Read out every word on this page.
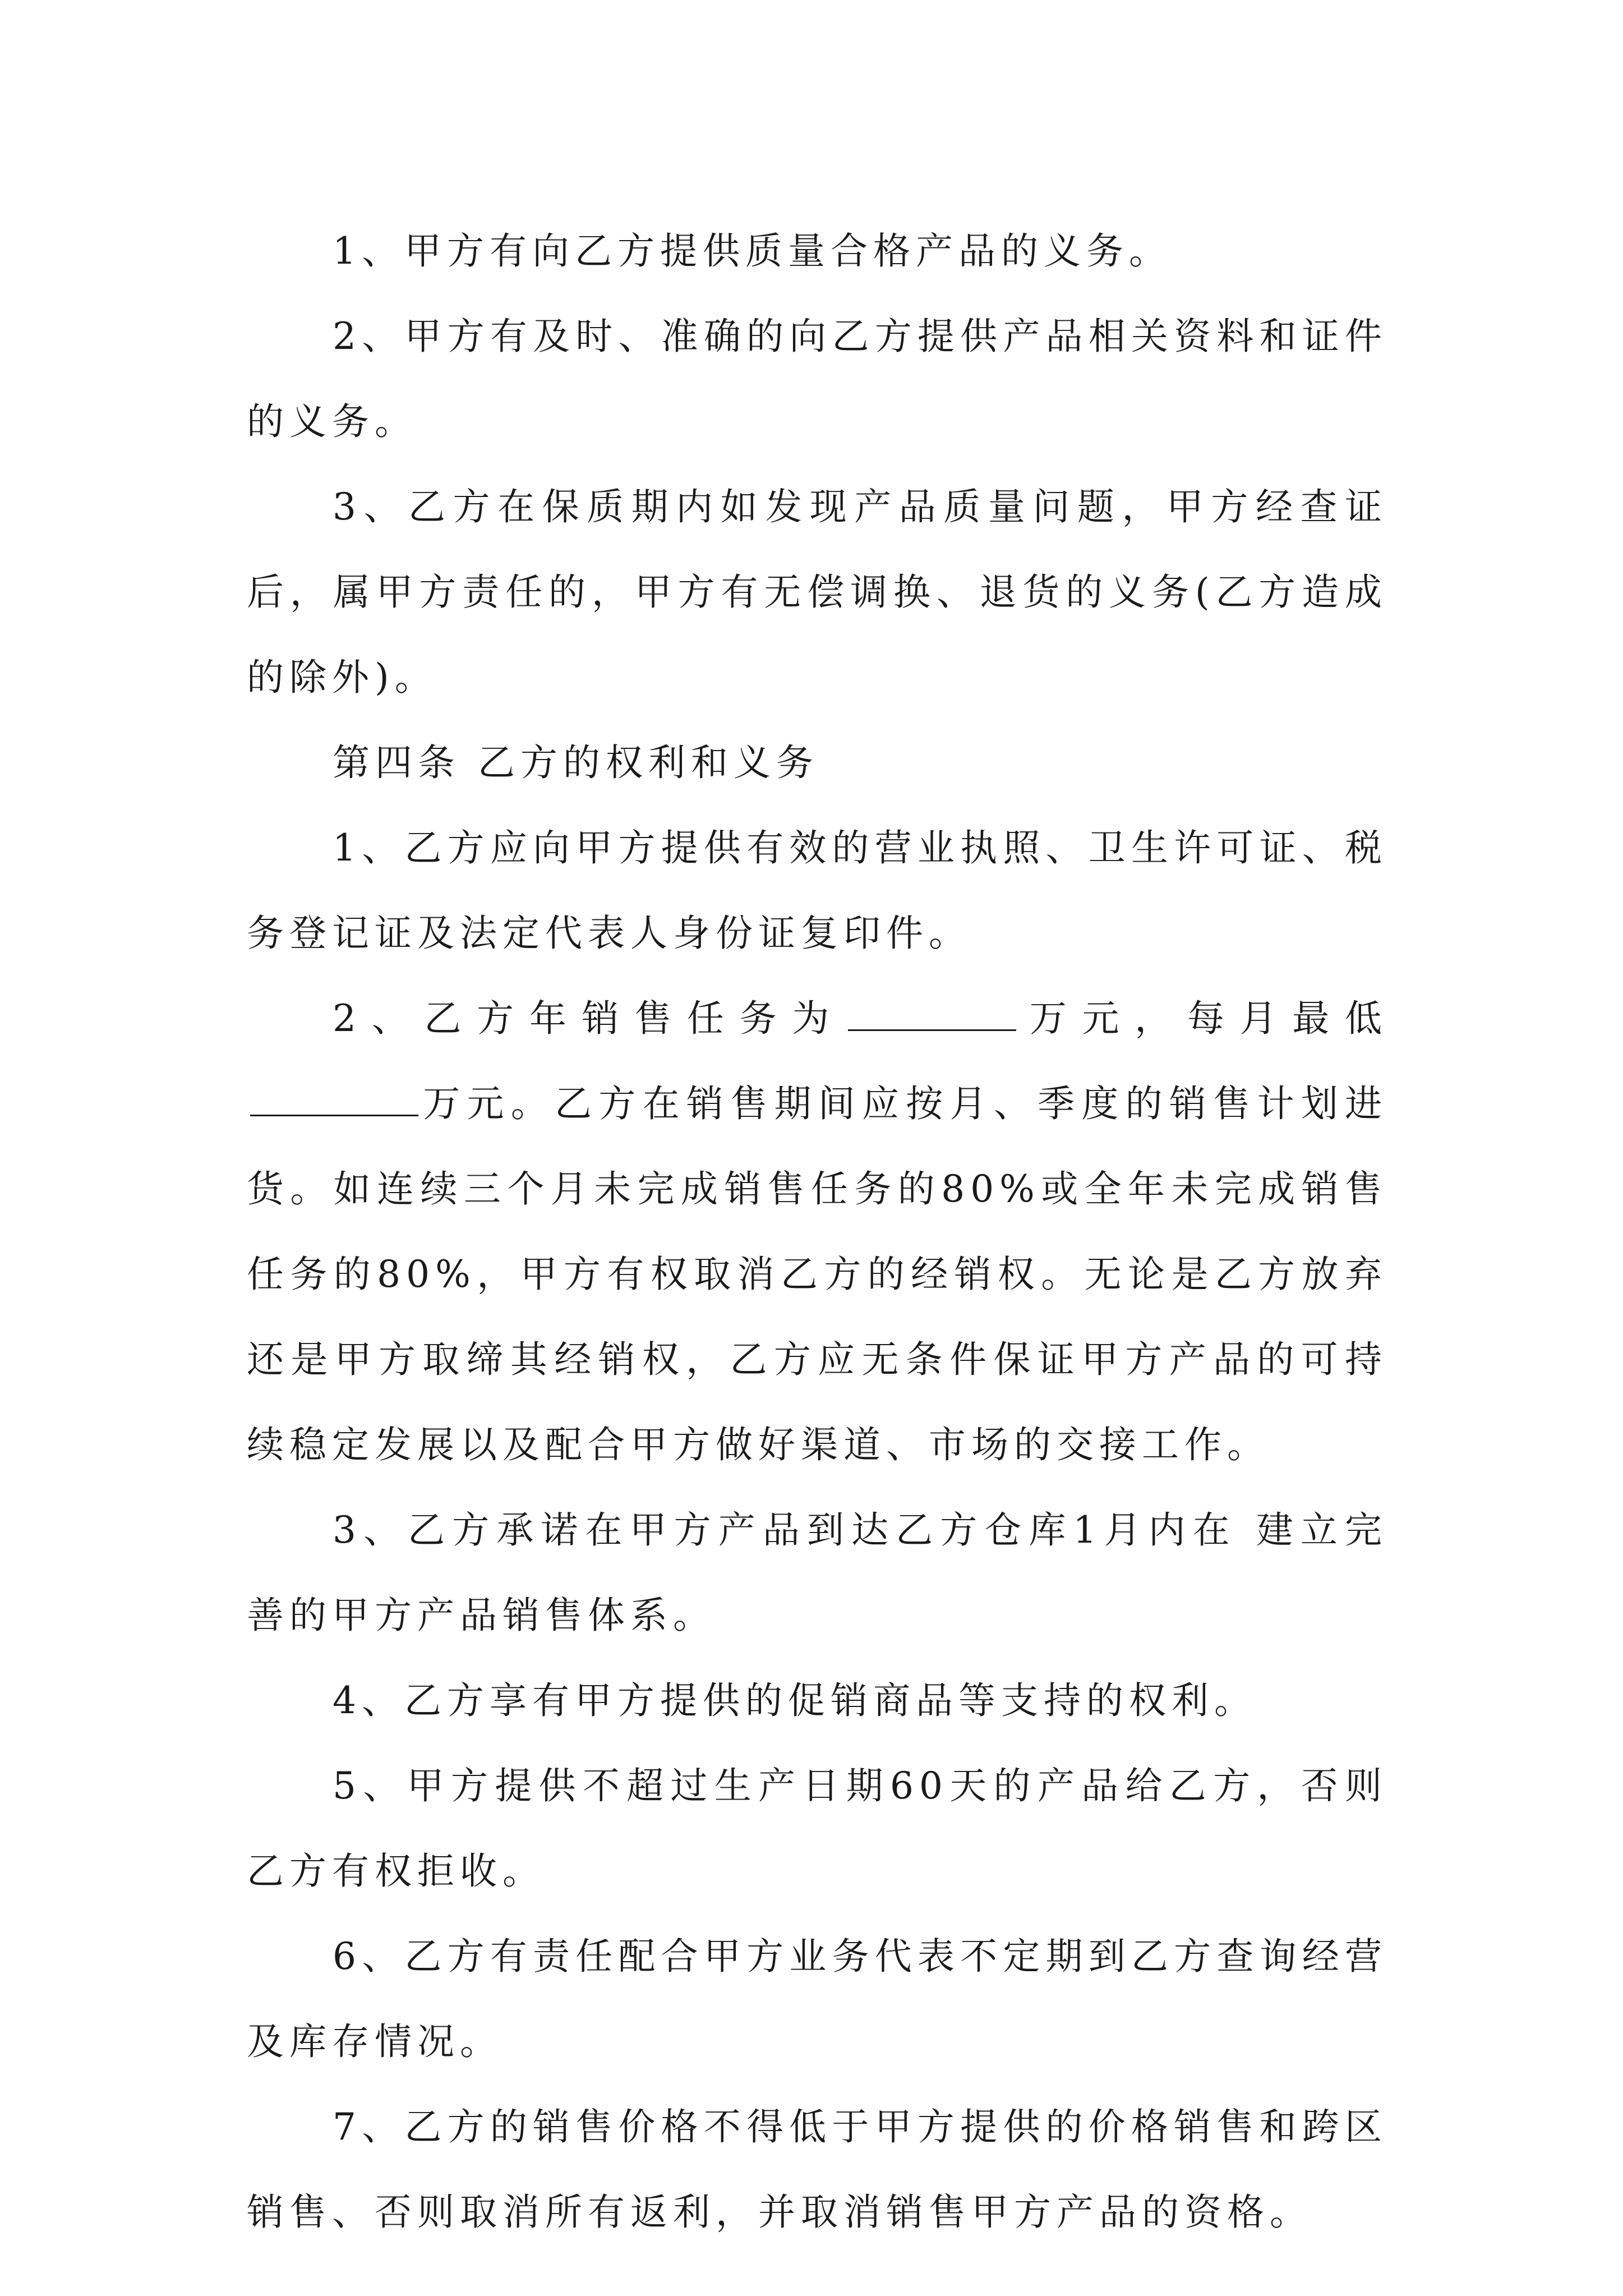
1、甲方有向乙方提供质量合格产品的义务。

2、甲方有及时、准确的向乙方提供产品相关资料和证件的义务。

3、乙方在保质期内如发现产品质量问题，甲方经查证后，属甲方责任的，甲方有无偿调换、退货的义务(乙方造成的除外)。

第四条 乙方的权利和义务

1、乙方应向甲方提供有效的营业执照、卫生许可证、税务登记证及法定代表人身份证复印件。

2、乙方年销售任务为	万元，每月最低万元。乙方在销售期间应按月、季度的销售计划进货。如连续三个月未完成销售任务的80%或全年未完成销售任务的80%，甲方有权取消乙方的经销权。无论是乙方放弃还是甲方取缔其经销权，乙方应无条件保证甲方产品的可持续稳定发展以及配合甲方做好渠道、市场的交接工作。

3、乙方承诺在甲方产品到达乙方仓库1月内在 建立完善的甲方产品销售体系。

4、乙方享有甲方提供的促销商品等支持的权利。

5、甲方提供不超过生产日期60天的产品给乙方，否则乙方有权拒收。

6、乙方有责任配合甲方业务代表不定期到乙方查询经营及库存情况。

7、乙方的销售价格不得低于甲方提供的价格销售和跨区销售、否则取消所有返利，并取消销售甲方产品的资格。
